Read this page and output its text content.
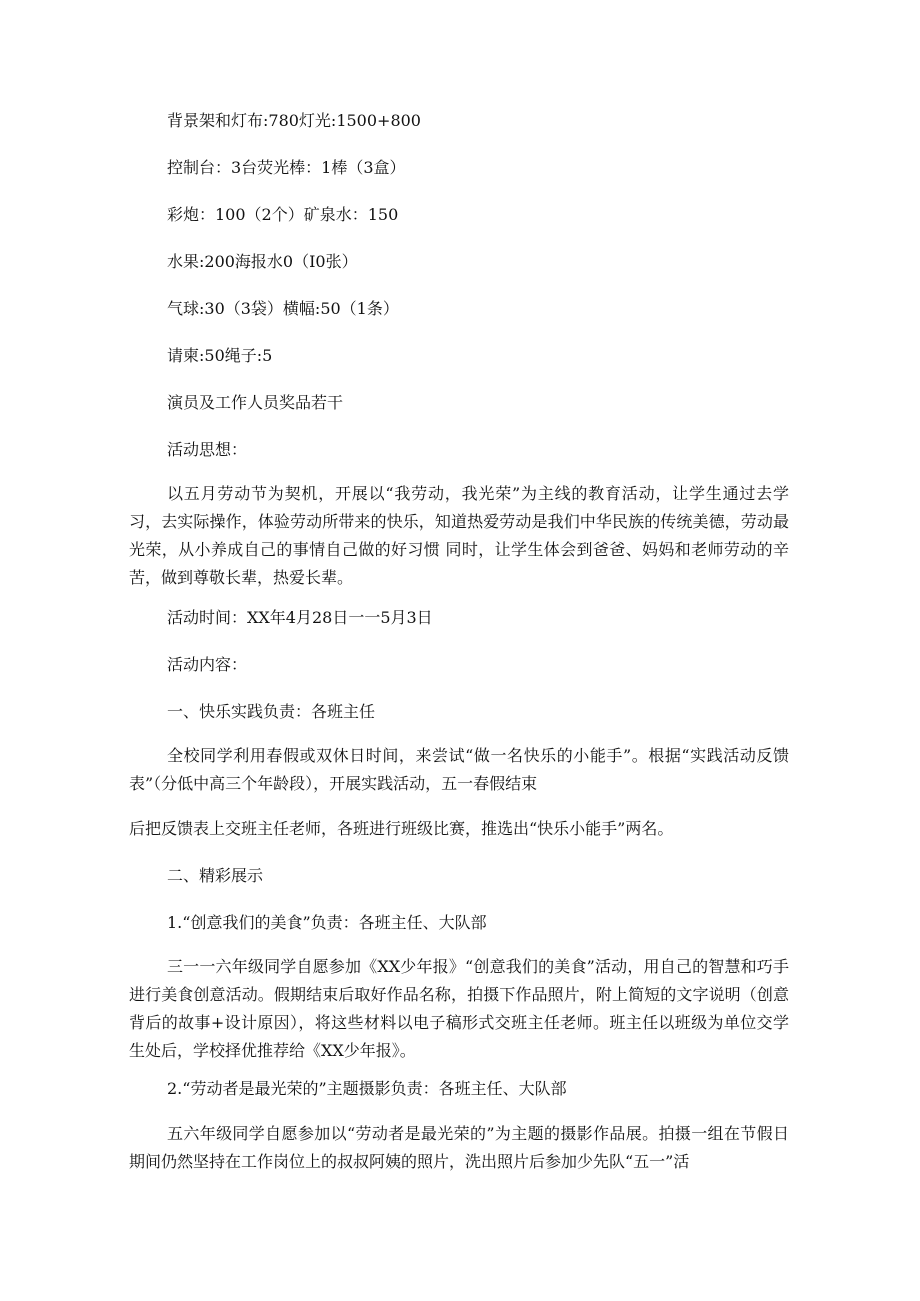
背景架和灯布:780灯光:1500+800
控制台：3台荧光棒：1棒（3盒）
彩炮：100（2个）矿泉水：150
水果:200海报水0（I0张）
气球:30（3袋）横幅:50（1条）
请柬:50绳子:5
演员及工作人员奖品若干
活动思想：
以五月劳动节为契机，开展以“我劳动，我光荣”为主线的教育活动，让学生通过去学习，去实际操作，体验劳动所带来的快乐，知道热爱劳动是我们中华民族的传统美德，劳动最光荣，从小养成自己的事情自己做的好习惯 同时，让学生体会到爸爸、妈妈和老师劳动的辛苦，做到尊敬长辈，热爱长辈。
活动时间：XX年4月28日一一5月3日
活动内容：
一、快乐实践负责：各班主任
全校同学利用春假或双休日时间，来尝试“做一名快乐的小能手”。根据“实践活动反馈表”（分低中高三个年龄段），开展实践活动，五一春假结束
后把反馈表上交班主任老师，各班进行班级比赛，推选出“快乐小能手”两名。
二、精彩展示
1.“创意我们的美食”负责：各班主任、大队部
三一一六年级同学自愿参加《XX少年报》“创意我们的美食”活动，用自己的智慧和巧手进行美食创意活动。假期结束后取好作品名称，拍摄下作品照片，附上简短的文字说明（创意背后的故事+设计原因），将这些材料以电子稿形式交班主任老师。班主任以班级为单位交学生处后，学校择优推荐给《XX少年报》。
2.“劳动者是最光荣的”主题摄影负责：各班主任、大队部
五六年级同学自愿参加以“劳动者是最光荣的”为主题的摄影作品展。拍摄一组在节假日期间仍然坚持在工作岗位上的叔叔阿姨的照片，洗出照片后参加少先队“五一”活
